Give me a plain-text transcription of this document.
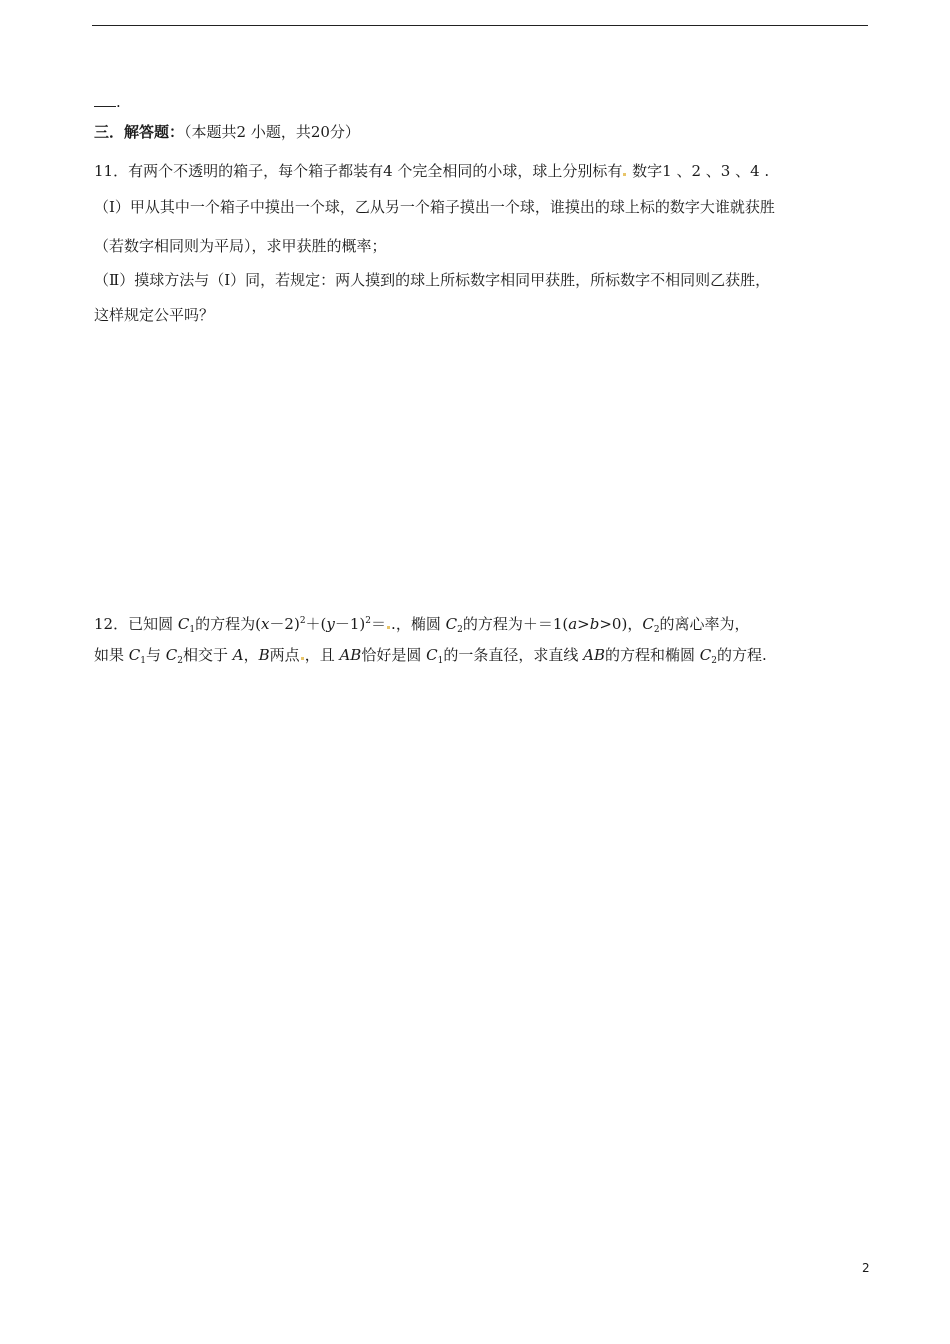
.
三．解答题：（本题共2 小题，共20分）
11．有两个不透明的箱子，每个箱子都装有4 个完全相同的小球，球上分别标有 数字1 、2 、3 、4 .
（Ⅰ）甲从其中一个箱子中摸出一个球，乙从另一个箱子摸出一个球，谁摸出的球上标的数字大谁就获胜
（若数字相同则为平局），求甲获胜的概率；
（Ⅱ）摸球方法与（Ⅰ）同，若规定：两人摸到的球上所标数字相同甲获胜，所标数字不相同则乙获胜，
这样规定公平吗？
12．已知圆 $C_1$的方程为$(x-2)^2+(y-1)^2=$ .，椭圆 $C_2$的方程为＋＝1(a>b>0)，$C_2$的离心率为，
如果 $C_1$与 $C_2$相交于 A，B两点 ，且 AB恰好是圆 $C_1$的一条直径，求直线 AB的方程和椭圆 $C_2$的方程.
2
